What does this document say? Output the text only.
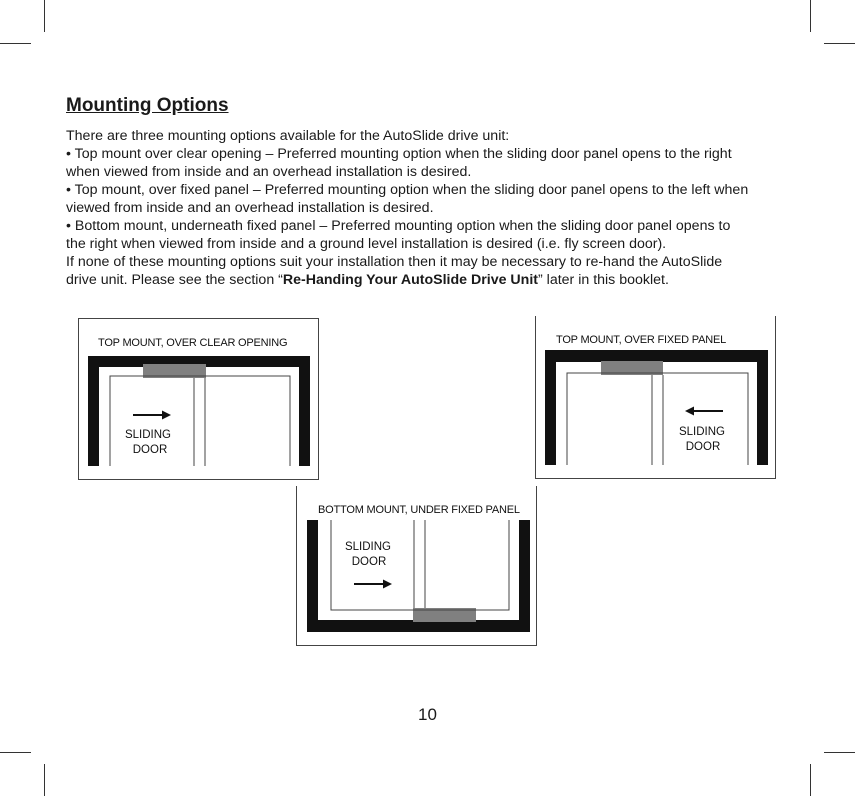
Mounting Options
There are three mounting options available for the AutoSlide drive unit:
• Top mount over clear opening – Preferred mounting option when the sliding door panel opens to the right
when viewed from inside and an overhead installation is desired.
• Top mount, over fixed panel – Preferred mounting option when the sliding door panel opens to the left when
viewed from inside and an overhead installation is desired.
• Bottom mount, underneath fixed panel – Preferred mounting option when the sliding door panel opens to
the right when viewed from inside and a ground level installation is desired (i.e. fly screen door).
If none of these mounting options suit your installation then it may be necessary to re-hand the AutoSlide
drive unit. Please see the section “Re-Handing Your AutoSlide Drive Unit” later in this booklet.
TOP MOUNT, OVER CLEAR OPENING
SLIDING
DOOR
TOP MOUNT, OVER FIXED PANEL
SLIDING
DOOR
BOTTOM MOUNT, UNDER FIXED PANEL
SLIDING
DOOR
10
